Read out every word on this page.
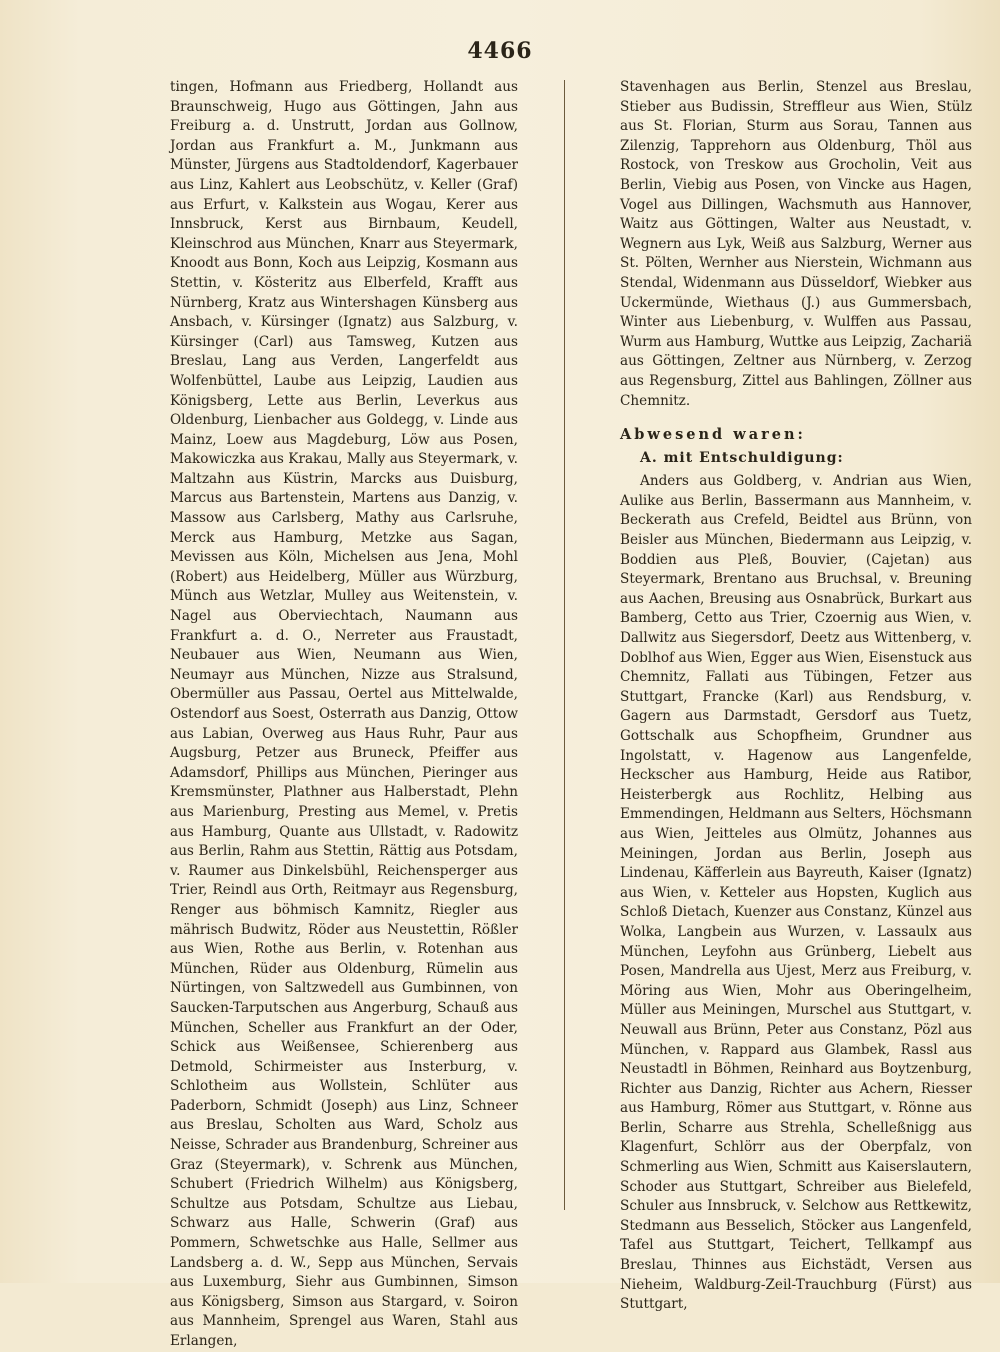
4466

tingen, Hofmann aus Friedberg, Hollandt aus Braunschweig, Hugo aus Göttingen, Jahn aus Freiburg a. d. Unstrutt, Jordan aus Gollnow, Jordan aus Frankfurt a. M., Junkmann aus Münster, Jürgens aus Stadtoldendorf, Kagerbauer aus Linz, Kahlert aus Leobschütz, v. Keller (Graf) aus Erfurt, v. Kalkstein aus Wogau, Kerer aus Innsbruck, Kerst aus Birnbaum, Keudell, Kleinschrod aus München, Knarr aus Steyermark, Knoodt aus Bonn, Koch aus Leipzig, Kosmann aus Stettin, v. Kösteritz aus Elberfeld, Krafft aus Nürnberg, Kratz aus Wintershagen Künsberg aus Ansbach, v. Kürsinger (Ignatz) aus Salzburg, v. Kürsinger (Carl) aus Tamsweg, Kutzen aus Breslau, Lang aus Verden, Langerfeldt aus Wolfenbüttel, Laube aus Leipzig, Laudien aus Königsberg, Lette aus Berlin, Leverkus aus Oldenburg, Lienbacher aus Goldegg, v. Linde aus Mainz, Loew aus Magdeburg, Löw aus Posen, Makowiczka aus Krakau, Mally aus Steyermark, v. Maltzahn aus Küstrin, Marcks aus Duisburg, Marcus aus Bartenstein, Martens aus Danzig, v. Massow aus Carlsberg, Mathy aus Carlsruhe, Merck aus Hamburg, Metzke aus Sagan, Mevissen aus Köln, Michelsen aus Jena, Mohl (Robert) aus Heidelberg, Müller aus Würzburg, Münch aus Wetzlar, Mulley aus Weitenstein, v. Nagel aus Oberviechtach, Naumann aus Frankfurt a. d. O., Nerreter aus Fraustadt, Neubauer aus Wien, Neumann aus Wien, Neumayr aus München, Nizze aus Stralsund, Obermüller aus Passau, Oertel aus Mittelwalde, Ostendorf aus Soest, Osterrath aus Danzig, Ottow aus Labian, Overweg aus Haus Ruhr, Paur aus Augsburg, Petzer aus Bruneck, Pfeiffer aus Adamsdorf, Phillips aus München, Pieringer aus Kremsmünster, Plathner aus Halberstadt, Plehn aus Marienburg, Presting aus Memel, v. Pretis aus Hamburg, Quante aus Ullstadt, v. Radowitz aus Berlin, Rahm aus Stettin, Rättig aus Potsdam, v. Raumer aus Dinkelsbühl, Reichensperger aus Trier, Reindl aus Orth, Reitmayr aus Regensburg, Renger aus böhmisch Kamnitz, Riegler aus mährisch Budwitz, Röder aus Neustettin, Rößler aus Wien, Rothe aus Berlin, v. Rotenhan aus München, Rüder aus Oldenburg, Rümelin aus Nürtingen, von Saltzwedell aus Gumbinnen, von Saucken-Tarputschen aus Angerburg, Schauß aus München, Scheller aus Frankfurt an der Oder, Schick aus Weißensee, Schierenberg aus Detmold, Schirmeister aus Insterburg, v. Schlotheim aus Wollstein, Schlüter aus Paderborn, Schmidt (Joseph) aus Linz, Schneer aus Breslau, Scholten aus Ward, Scholz aus Neisse, Schrader aus Brandenburg, Schreiner aus Graz (Steyermark), v. Schrenk aus München, Schubert (Friedrich Wilhelm) aus Königsberg, Schultze aus Potsdam, Schultze aus Liebau, Schwarz aus Halle, Schwerin (Graf) aus Pommern, Schwetschke aus Halle, Sellmer aus Landsberg a. d. W., Sepp aus München, Servais aus Luxemburg, Siehr aus Gumbinnen, Simson aus Königsberg, Simson aus Stargard, v. Soiron aus Mannheim, Sprengel aus Waren, Stahl aus Erlangen,

Stavenhagen aus Berlin, Stenzel aus Breslau, Stieber aus Budissin, Streffleur aus Wien, Stülz aus St. Florian, Sturm aus Sorau, Tannen aus Zilenzig, Tapprehorn aus Oldenburg, Thöl aus Rostock, von Treskow aus Grocholin, Veit aus Berlin, Viebig aus Posen, von Vincke aus Hagen, Vogel aus Dillingen, Wachsmuth aus Hannover, Waitz aus Göttingen, Walter aus Neustadt, v. Wegnern aus Lyk, Weiß aus Salzburg, Werner aus St. Pölten, Wernher aus Nierstein, Wichmann aus Stendal, Widenmann aus Düsseldorf, Wiebker aus Uckermünde, Wiethaus (J.) aus Gummersbach, Winter aus Liebenburg, v. Wulffen aus Passau, Wurm aus Hamburg, Wuttke aus Leipzig, Zachariä aus Göttingen, Zeltner aus Nürnberg, v. Zerzog aus Regensburg, Zittel aus Bahlingen, Zöllner aus Chemnitz.

Abwesend waren:
A. mit Entschuldigung:

Anders aus Goldberg, v. Andrian aus Wien, Aulike aus Berlin, Bassermann aus Mannheim, v. Beckerath aus Crefeld, Beidtel aus Brünn, von Beisler aus München, Biedermann aus Leipzig, v. Boddien aus Pleß, Bouvier, (Cajetan) aus Steyermark, Brentano aus Bruchsal, v. Breuning aus Aachen, Breusing aus Osnabrück, Burkart aus Bamberg, Cetto aus Trier, Czoernig aus Wien, v. Dallwitz aus Siegersdorf, Deetz aus Wittenberg, v. Doblhof aus Wien, Egger aus Wien, Eisenstuck aus Chemnitz, Fallati aus Tübingen, Fetzer aus Stuttgart, Francke (Karl) aus Rendsburg, v. Gagern aus Darmstadt, Gersdorf aus Tuetz, Gottschalk aus Schopfheim, Grundner aus Ingolstatt, v. Hagenow aus Langenfelde, Heckscher aus Hamburg, Heide aus Ratibor, Heisterbergk aus Rochlitz, Helbing aus Emmendingen, Heldmann aus Selters, Höchsmann aus Wien, Jeitteles aus Olmütz, Johannes aus Meiningen, Jordan aus Berlin, Joseph aus Lindenau, Käfferlein aus Bayreuth, Kaiser (Ignatz) aus Wien, v. Ketteler aus Hopsten, Kuglich aus Schloß Dietach, Kuenzer aus Constanz, Künzel aus Wolka, Langbein aus Wurzen, v. Lassaulx aus München, Leyfohn aus Grünberg, Liebelt aus Posen, Mandrella aus Ujest, Merz aus Freiburg, v. Möring aus Wien, Mohr aus Oberingelheim, Müller aus Meiningen, Murschel aus Stuttgart, v. Neuwall aus Brünn, Peter aus Constanz, Pözl aus München, v. Rappard aus Glambek, Rassl aus Neustadtl in Böhmen, Reinhard aus Boytzenburg, Richter aus Danzig, Richter aus Achern, Riesser aus Hamburg, Römer aus Stuttgart, v. Rönne aus Berlin, Scharre aus Strehla, Schelleßnigg aus Klagenfurt, Schlörr aus der Oberpfalz, von Schmerling aus Wien, Schmitt aus Kaiserslautern, Schoder aus Stuttgart, Schreiber aus Bielefeld, Schuler aus Innsbruck, v. Selchow aus Rettkewitz, Stedmann aus Besselich, Stöcker aus Langenfeld, Tafel aus Stuttgart, Teichert, Tellkampf aus Breslau, Thinnes aus Eichstädt, Versen aus Nieheim, Waldburg-Zeil-Trauchburg (Fürst) aus Stuttgart,
